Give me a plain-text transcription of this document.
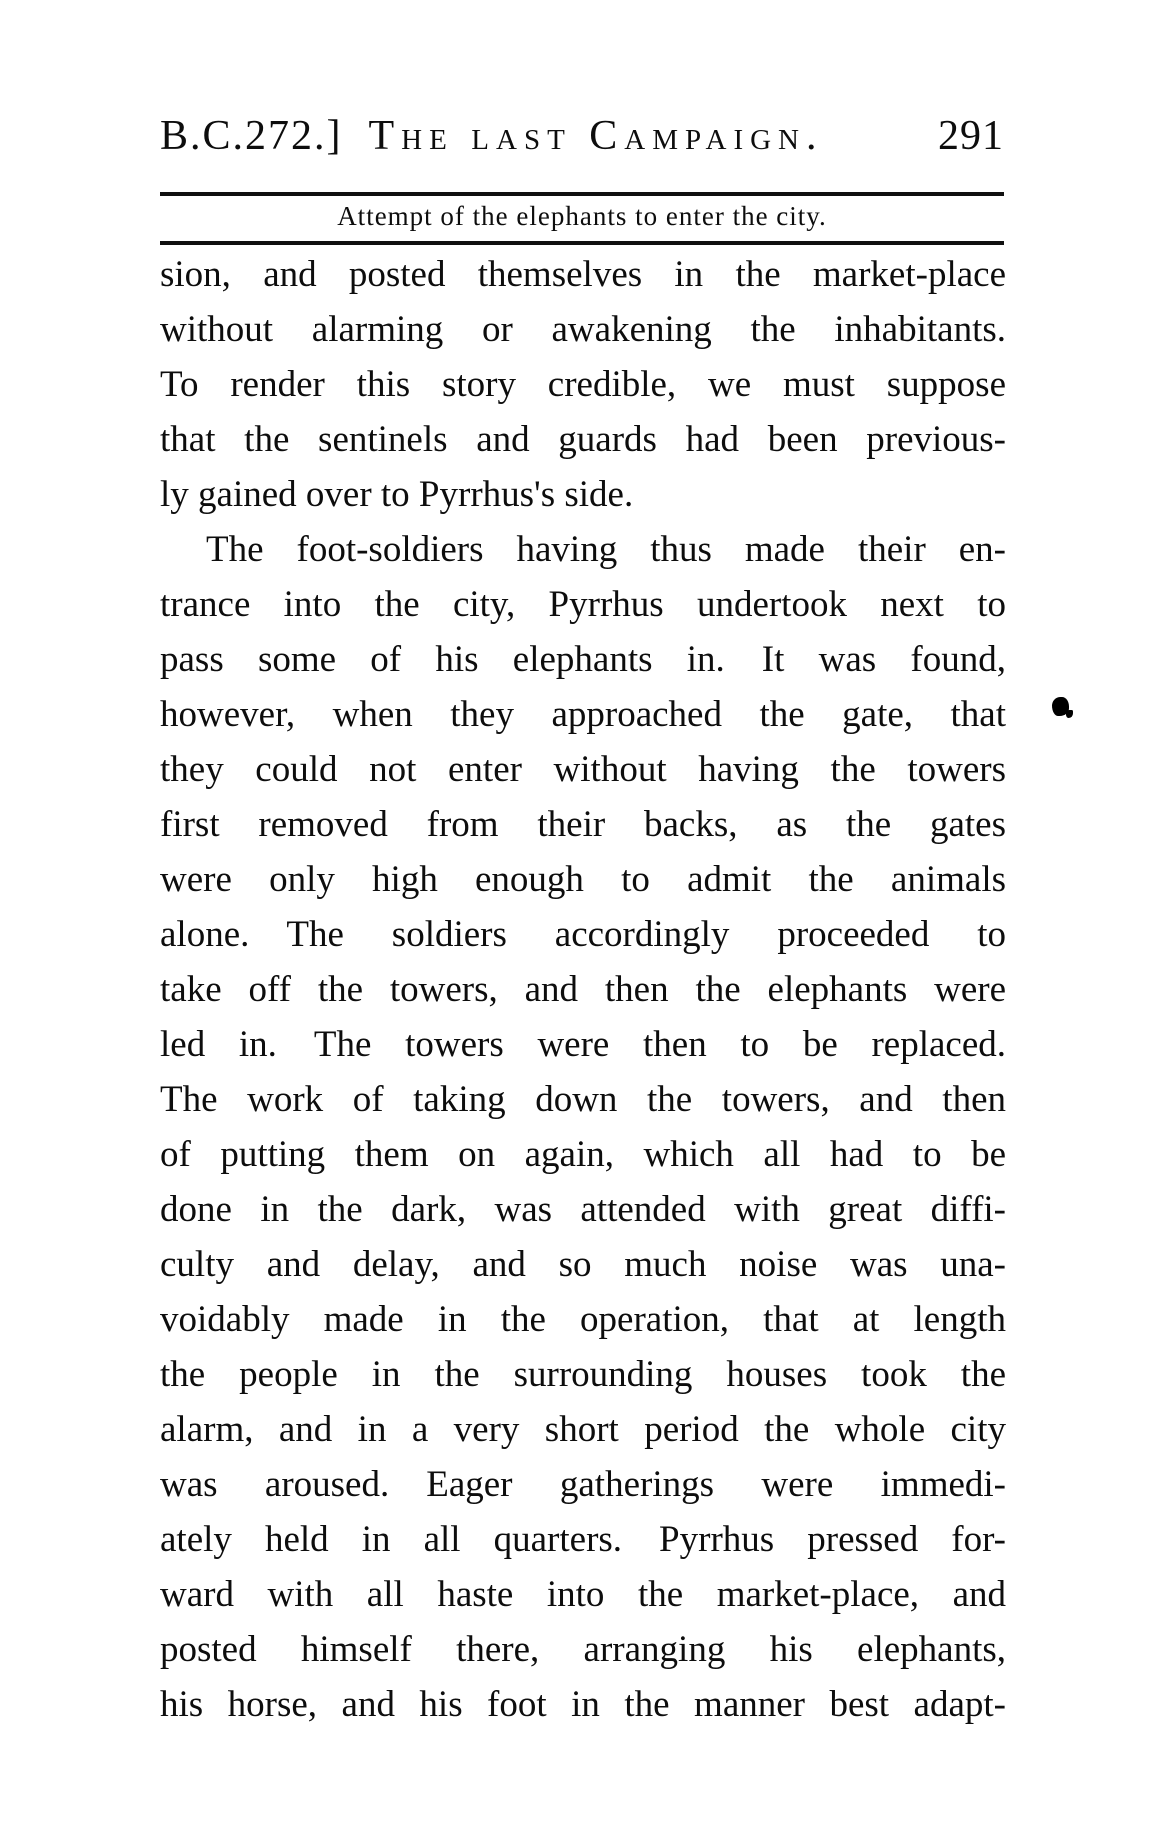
B.C.272.] The last Campaign.	291
Attempt of the elephants to enter the city.
sion, and posted themselves in the market-place
without alarming or awakening the inhabitants.
To render this story credible, we must suppose
that the sentinels and guards had been previous-
ly gained over to Pyrrhus's side.
The foot-soldiers having thus made their en-
trance into the city, Pyrrhus undertook next to
pass some of his elephants in. It was found,
however, when they approached the gate, that
they could not enter without having the towers
first removed from their backs, as the gates
were only high enough to admit the animals
alone. The soldiers accordingly proceeded to
take off the towers, and then the elephants were
led in. The towers were then to be replaced.
The work of taking down the towers, and then
of putting them on again, which all had to be
done in the dark, was attended with great diffi-
culty and delay, and so much noise was una-
voidably made in the operation, that at length
the people in the surrounding houses took the
alarm, and in a very short period the whole city
was aroused. Eager gatherings were immedi-
ately held in all quarters. Pyrrhus pressed for-
ward with all haste into the market-place, and
posted himself there, arranging his elephants,
his horse, and his foot in the manner best adapt-
